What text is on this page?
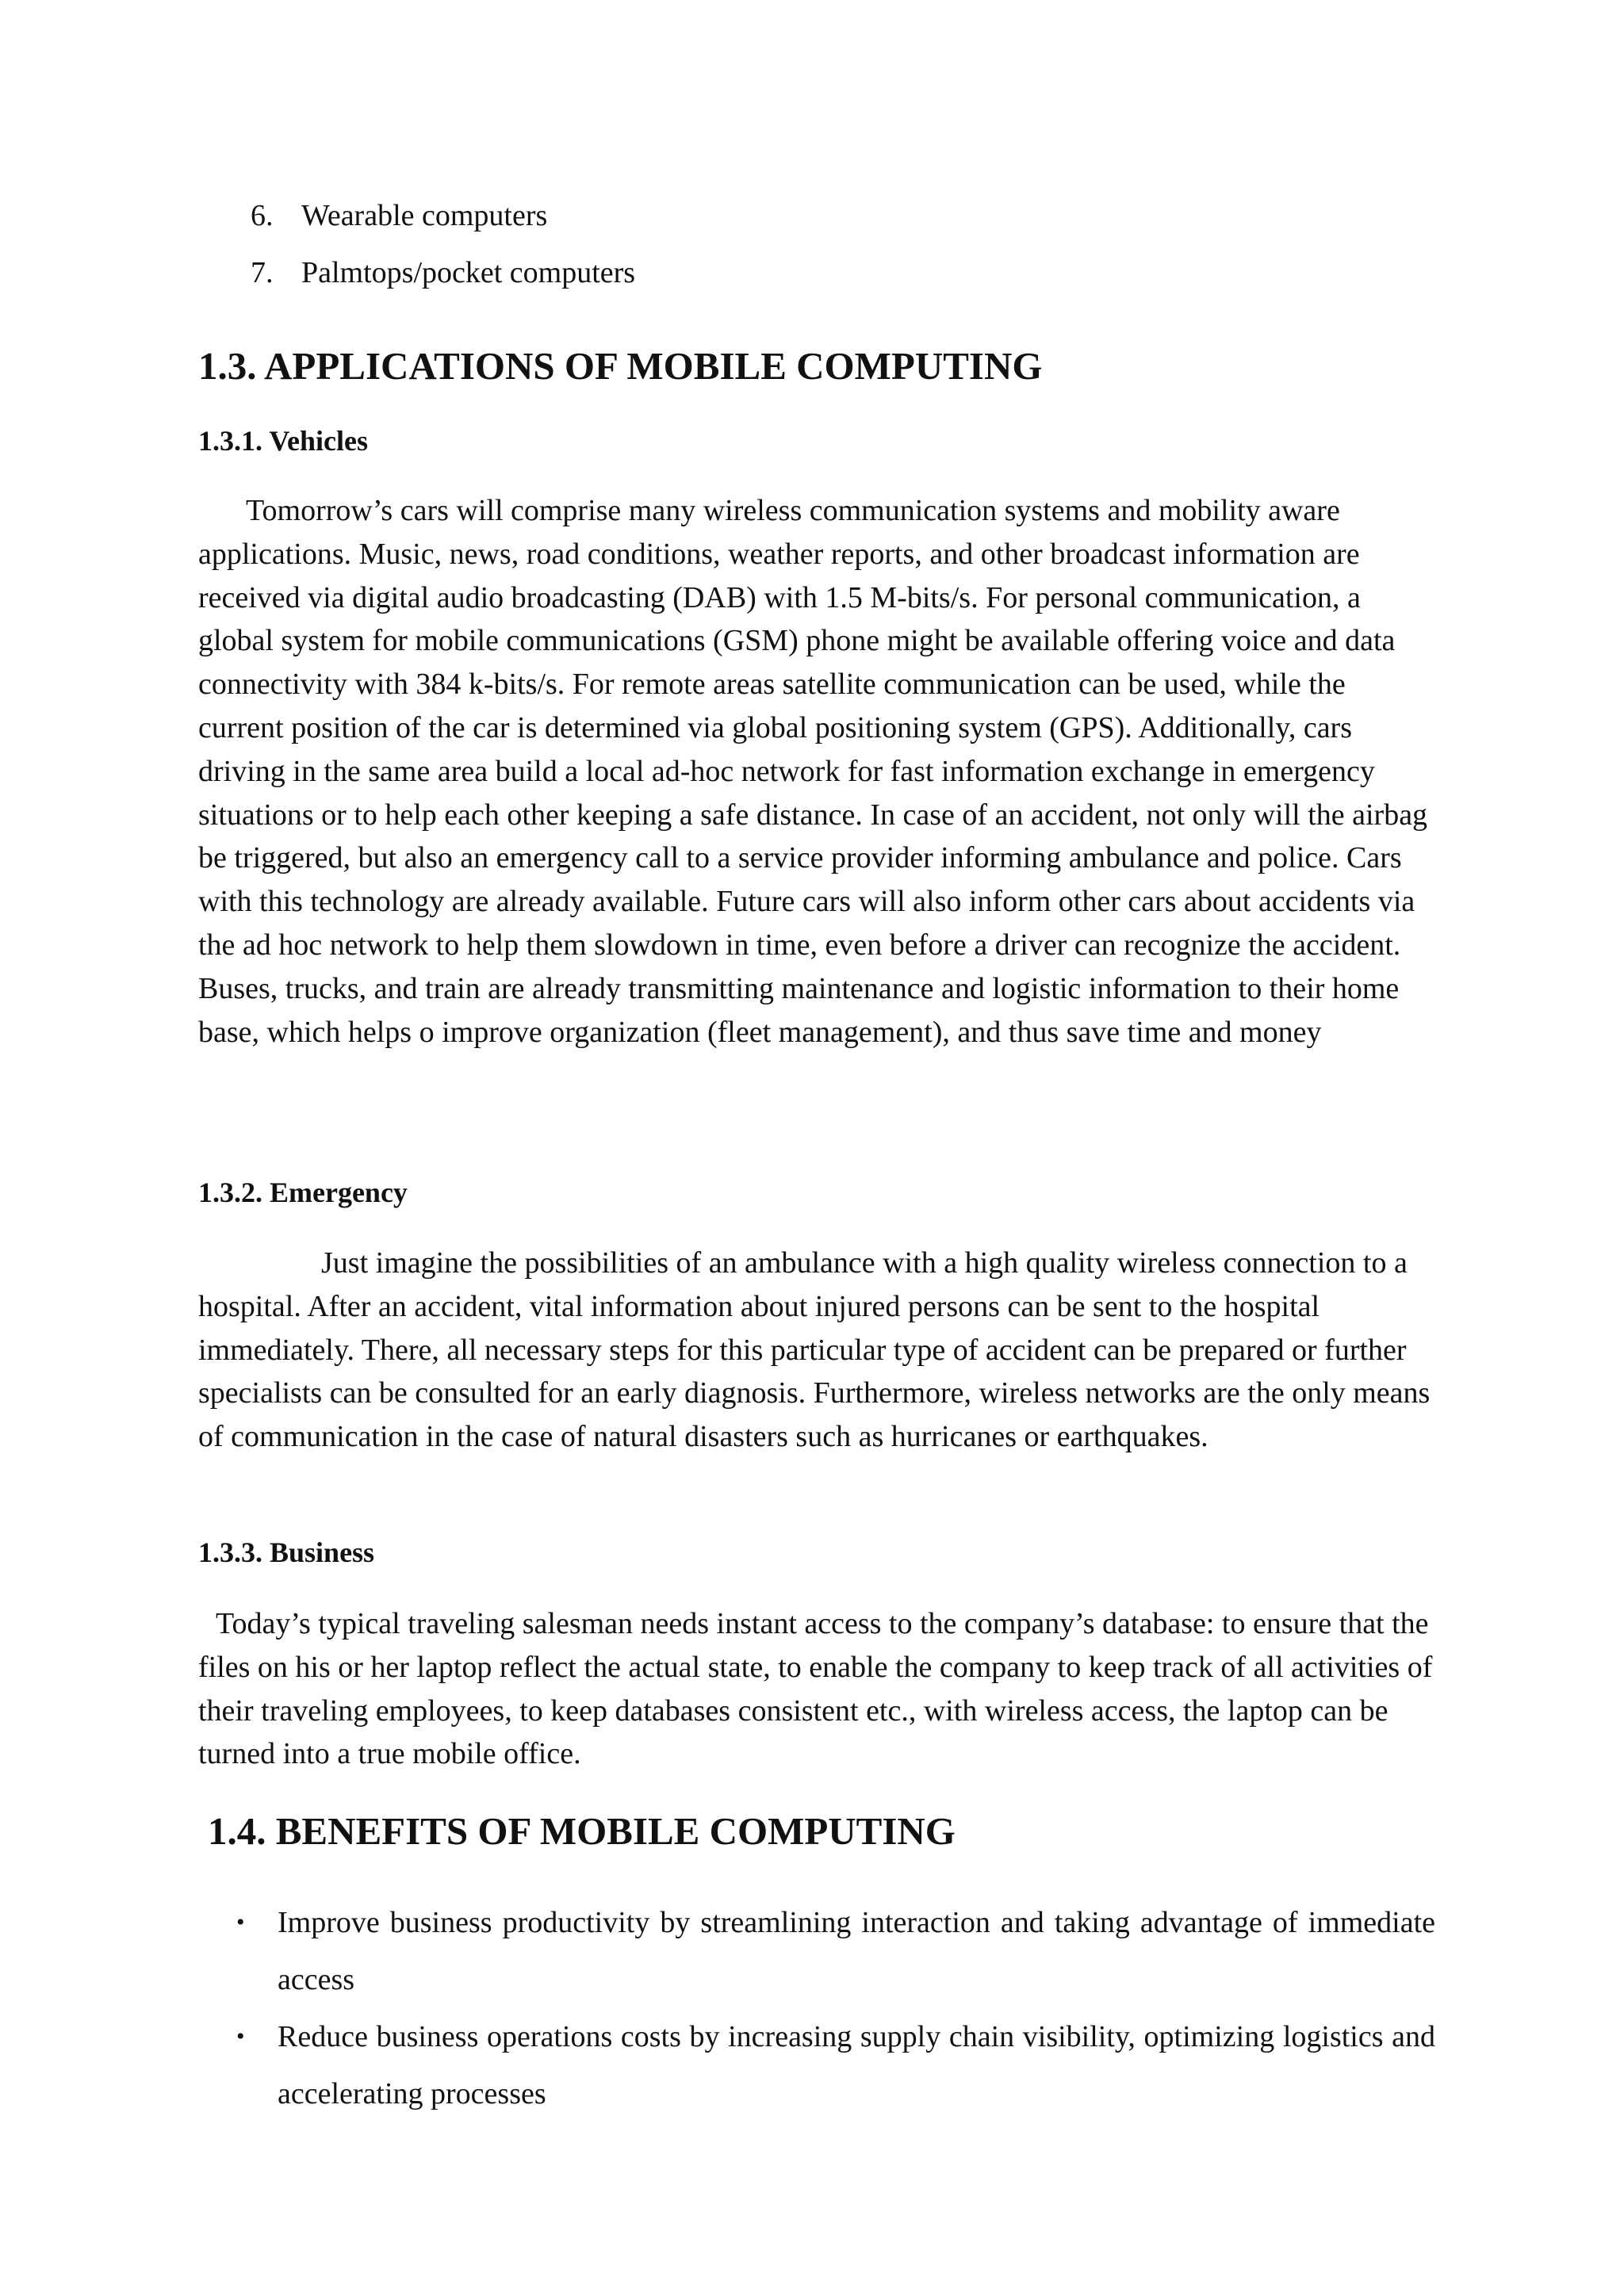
6. Wearable computers
7. Palmtops/pocket computers
1.3. APPLICATIONS OF MOBILE COMPUTING
1.3.1. Vehicles

Tomorrow’s cars will comprise many wireless communication systems and mobility aware applications. Music, news, road conditions, weather reports, and other broadcast information are received via digital audio broadcasting (DAB) with 1.5 M-bits/s. For personal communication, a global system for mobile communications (GSM) phone might be available offering voice and data connectivity with 384 k-bits/s. For remote areas satellite communication can be used, while the current position of the car is determined via global positioning system (GPS). Additionally, cars driving in the same area build a local ad-hoc network for fast information exchange in emergency situations or to help each other keeping a safe distance. In case of an accident, not only will the airbag be triggered, but also an emergency call to a service provider informing ambulance and police. Cars with this technology are already available. Future cars will also inform other cars about accidents via the ad hoc network to help them slowdown in time, even before a driver can recognize the accident. Buses, trucks, and train are already transmitting maintenance and logistic information to their home base, which helps o improve organization (fleet management), and thus save time and money

1.3.2. Emergency

Just imagine the possibilities of an ambulance with a high quality wireless connection to a hospital. After an accident, vital information about injured persons can be sent to the hospital immediately. There, all necessary steps for this particular type of accident can be prepared or further specialists can be consulted for an early diagnosis. Furthermore, wireless networks are the only means of communication in the case of natural disasters such as hurricanes or earthquakes.

1.3.3. Business

Today’s typical traveling salesman needs instant access to the company’s database: to ensure that the files on his or her laptop reflect the actual state, to enable the company to keep track of all activities of their traveling employees, to keep databases consistent etc., with wireless access, the laptop can be turned into a true mobile office.

1.4. BENEFITS OF MOBILE COMPUTING
• Improve business productivity by streamlining interaction and taking advantage of immediate access
• Reduce business operations costs by increasing supply chain visibility, optimizing logistics and accelerating processes
